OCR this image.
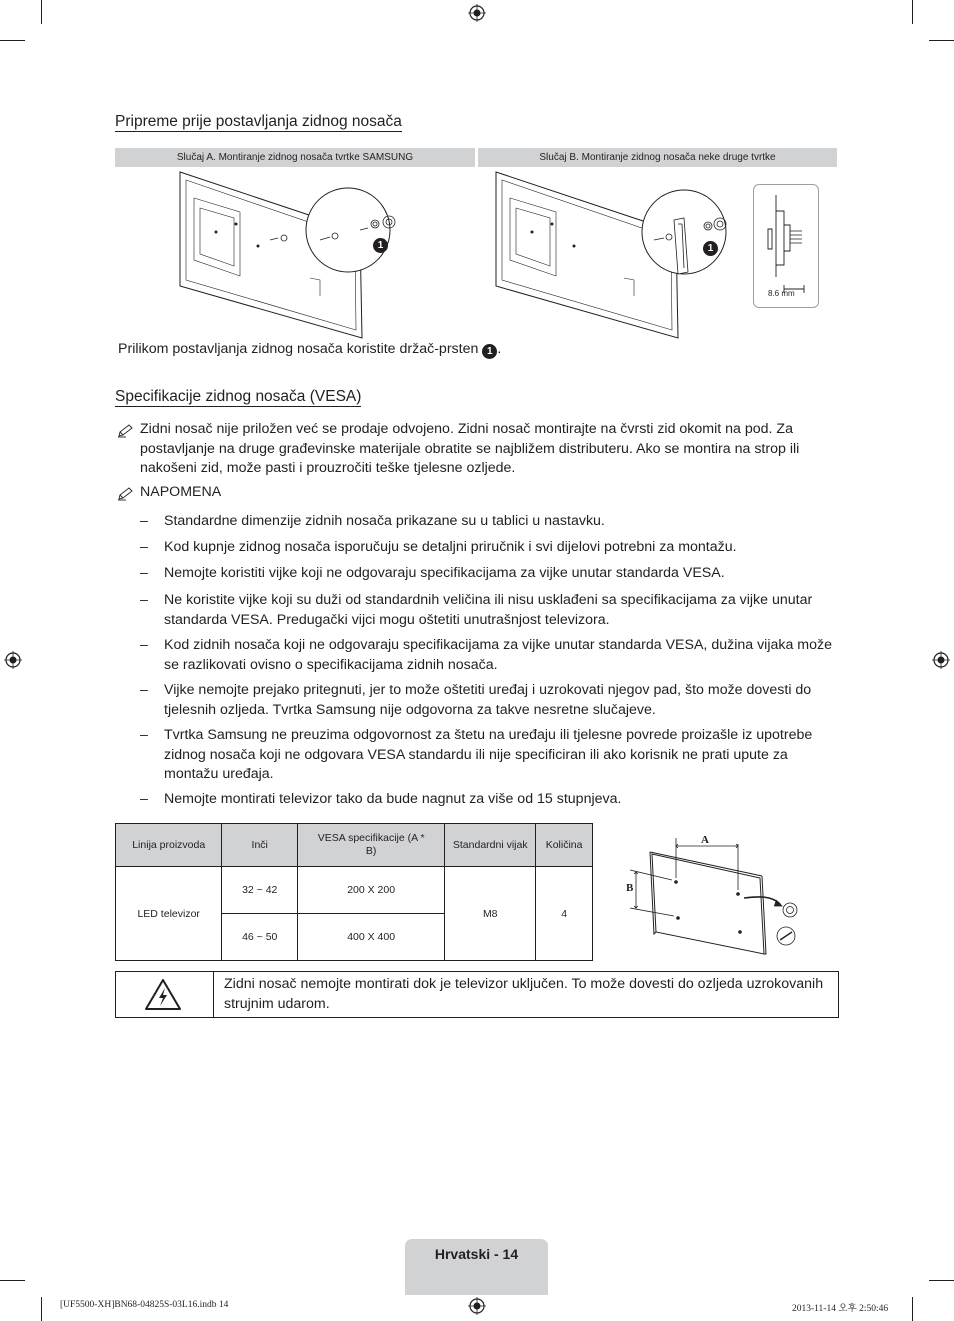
Pripreme prije postavljanja zidnog nosača
Slučaj A. Montiranje zidnog nosača tvrtke SAMSUNG	Slučaj B. Montiranje zidnog nosača neke druge tvrtke
1	1
8.6 mm
Prilikom postavljanja zidnog nosača koristite držač-prsten 1 .
Specifikacije zidnog nosača (VESA)
Zidni nosač nije priložen već se prodaje odvojeno. Zidni nosač montirajte na čvrsti zid okomit na pod. Za postavljanje na druge građevinske materijale obratite se najbližem distributeru. Ako se montira na strop ili nakošeni zid, može pasti i prouzročiti teške tjelesne ozljede.
NAPOMENA
– Standardne dimenzije zidnih nosača prikazane su u tablici u nastavku.
– Kod kupnje zidnog nosača isporučuju se detaljni priručnik i svi dijelovi potrebni za montažu.
– Nemojte koristiti vijke koji ne odgovaraju specifikacijama za vijke unutar standarda VESA.
– Ne koristite vijke koji su duži od standardnih veličina ili nisu usklađeni sa specifikacijama za vijke unutar standarda VESA. Predugački vijci mogu oštetiti unutrašnjost televizora.
– Kod zidnih nosača koji ne odgovaraju specifikacijama za vijke unutar standarda VESA, dužina vijaka može se razlikovati ovisno o specifikacijama zidnih nosača.
– Vijke nemojte prejako pritegnuti, jer to može oštetiti uređaj i uzrokovati njegov pad, što može dovesti do tjelesnih ozljeda. Tvrtka Samsung nije odgovorna za takve nesretne slučajeve.
– Tvrtka Samsung ne preuzima odgovornost za štetu na uređaju ili tjelesne povrede proizašle iz upotrebe zidnog nosača koji ne odgovara VESA standardu ili nije specificiran ili ako korisnik ne prati upute za montažu uređaja.
– Nemojte montirati televizor tako da bude nagnut za više od 15 stupnjeva.
Linija proizvoda	Inči	VESA specifikacije (A * B)	Standardni vijak	Količina
LED televizor	32 ~ 42	200 X 200	M8	4
	46 ~ 50	400 X 400		
A
B
Zidni nosač nemojte montirati dok je televizor uključen. To može dovesti do ozljeda uzrokovanih strujnim udarom.
Hrvatski - 14
[UF5500-XH]BN68-04825S-03L16.indb 14	2013-11-14 오후 2:50:46
